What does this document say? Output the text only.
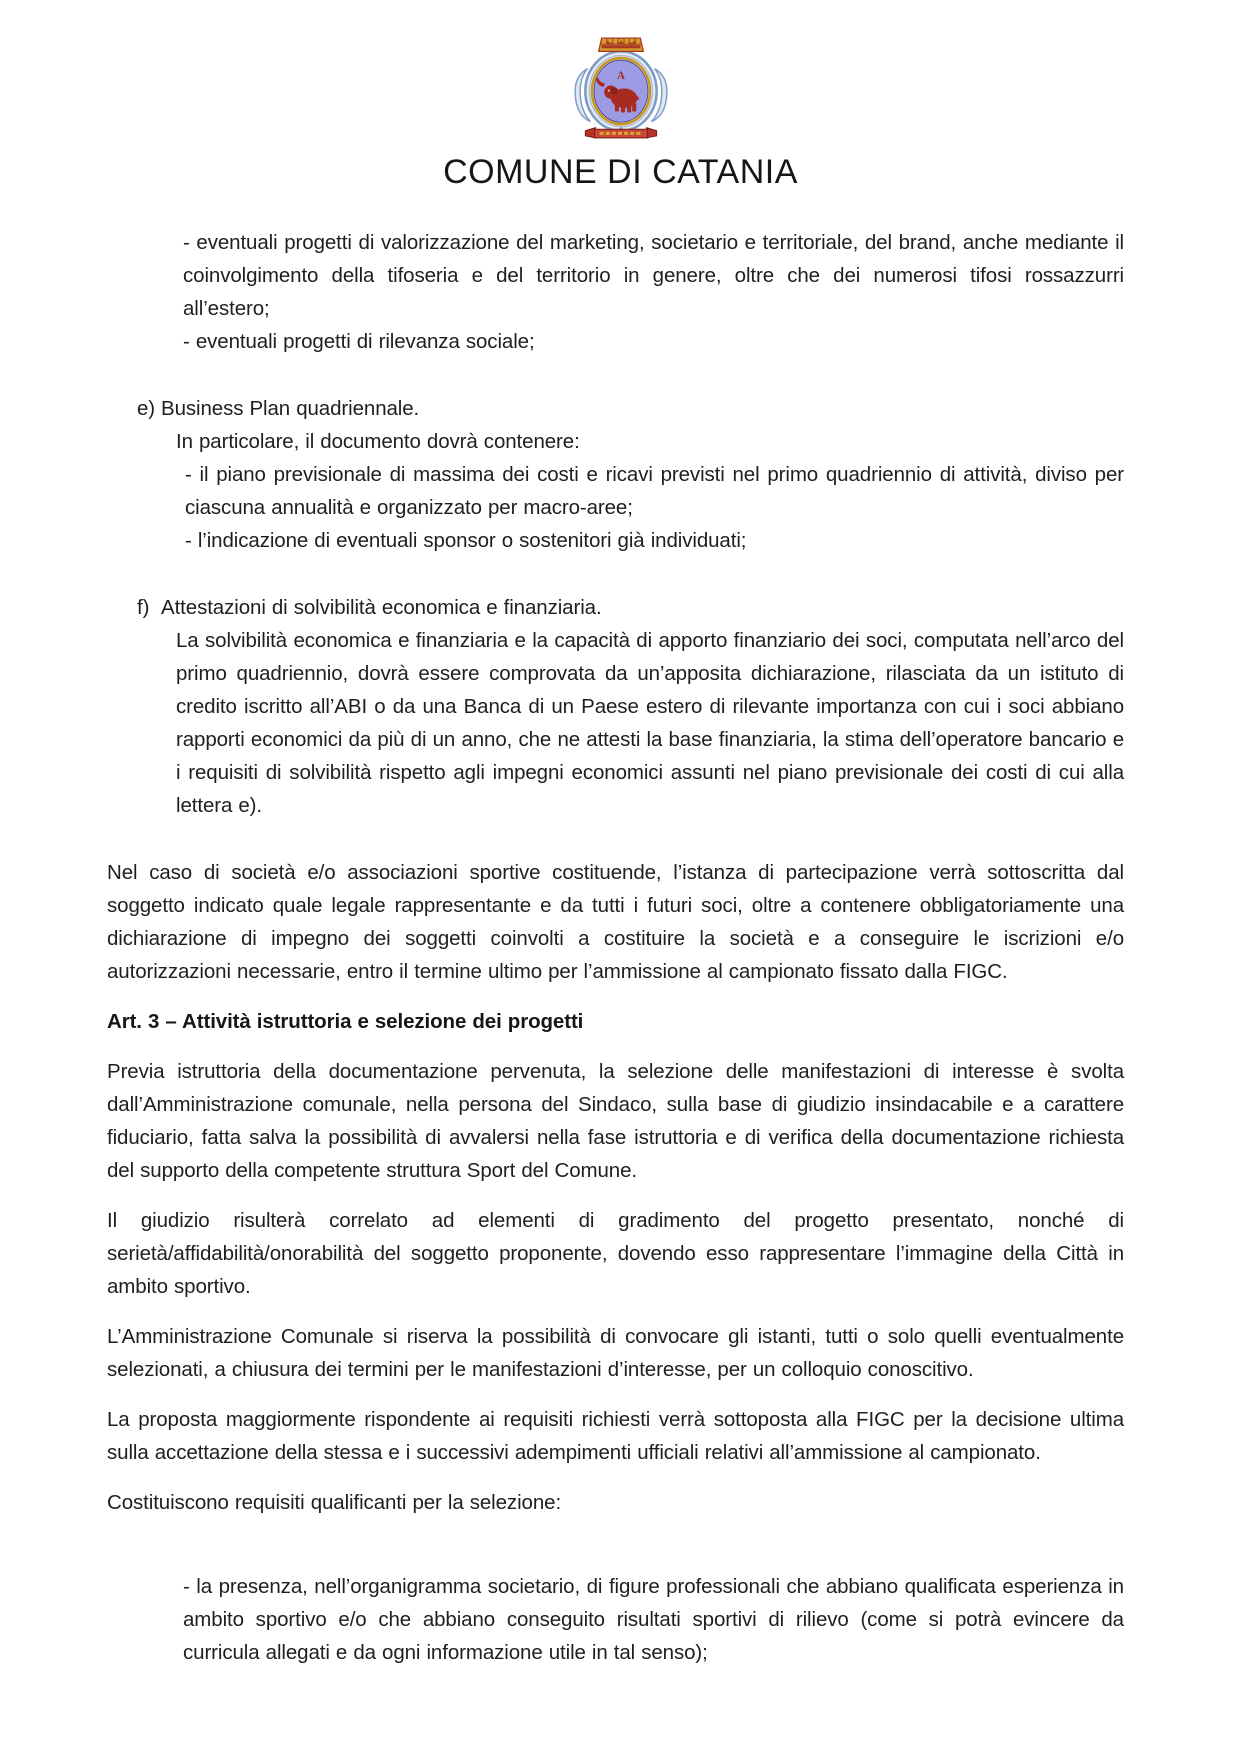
A
COMUNE DI CATANIA
- eventuali progetti di valorizzazione del marketing, societario e territoriale, del brand, anche mediante il coinvolgimento della tifoseria e del territorio in genere, oltre che dei numerosi tifosi rossazzurri all’estero;
- eventuali progetti di rilevanza sociale;
e) Business Plan quadriennale.
In particolare, il documento dovrà contenere:
- il piano previsionale di massima dei costi e ricavi previsti nel primo quadriennio di attività, diviso per ciascuna annualità e organizzato per macro-aree;
- l’indicazione di eventuali sponsor o sostenitori già individuati;
f) Attestazioni di solvibilità economica e finanziaria.
La solvibilità economica e finanziaria e la capacità di apporto finanziario dei soci, computata nell’arco del primo quadriennio, dovrà essere comprovata da un’apposita dichiarazione, rilasciata da un istituto di credito iscritto all’ABI o da una Banca di un Paese estero di rilevante importanza con cui i soci abbiano rapporti economici da più di un anno, che ne attesti la base finanziaria, la stima dell’operatore bancario e i requisiti di solvibilità rispetto agli impegni economici assunti nel piano previsionale dei costi di cui alla lettera e).

Nel caso di società e/o associazioni sportive costituende, l’istanza di partecipazione verrà sottoscritta dal soggetto indicato quale legale rappresentante e da tutti i futuri soci, oltre a contenere obbligatoriamente una dichiarazione di impegno dei soggetti coinvolti a costituire la società e a conseguire le iscrizioni e/o autorizzazioni necessarie, entro il termine ultimo per l’ammissione al campionato fissato dalla FIGC.

Art. 3 – Attività istruttoria e selezione dei progetti

Previa istruttoria della documentazione pervenuta, la selezione delle manifestazioni di interesse è svolta dall’Amministrazione comunale, nella persona del Sindaco, sulla base di giudizio insindacabile e a carattere fiduciario, fatta salva la possibilità di avvalersi nella fase istruttoria e di verifica della documentazione richiesta del supporto della competente struttura Sport del Comune.

Il giudizio risulterà correlato ad elementi di gradimento del progetto presentato, nonché di serietà/affidabilità/onorabilità del soggetto proponente, dovendo esso rappresentare l’immagine della Città in ambito sportivo.

L’Amministrazione Comunale si riserva la possibilità di convocare gli istanti, tutti o solo quelli eventualmente selezionati, a chiusura dei termini per le manifestazioni d’interesse, per un colloquio conoscitivo.

La proposta maggiormente rispondente ai requisiti richiesti verrà sottoposta alla FIGC per la decisione ultima sulla accettazione della stessa e i successivi adempimenti ufficiali relativi all’ammissione al campionato.

Costituiscono requisiti qualificanti per la selezione:

- la presenza, nell’organigramma societario, di figure professionali che abbiano qualificata esperienza in ambito sportivo e/o che abbiano conseguito risultati sportivi di rilievo (come si potrà evincere da curricula allegati e da ogni informazione utile in tal senso);
